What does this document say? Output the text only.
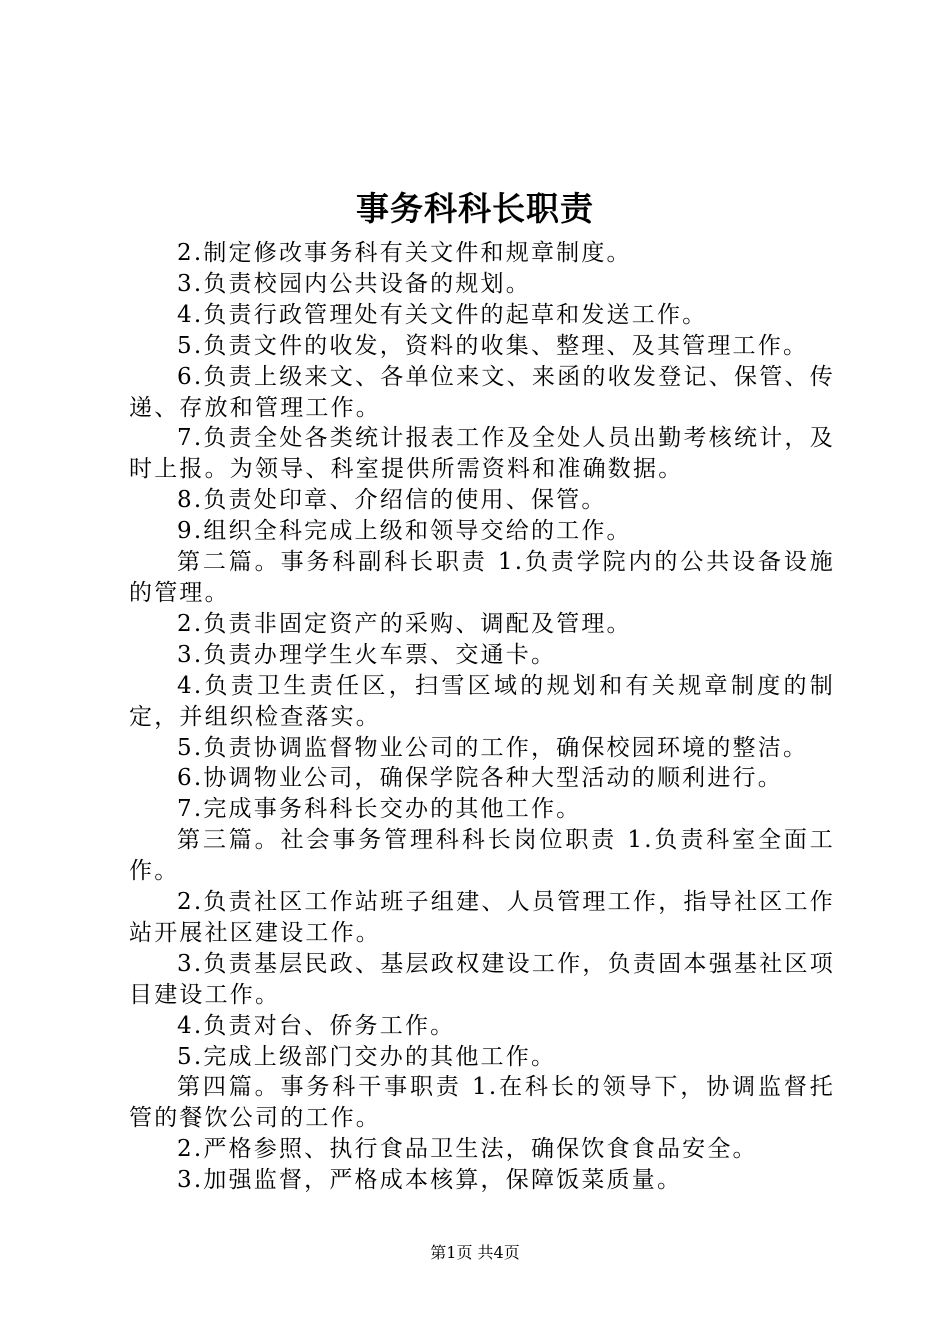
事务科科长职责

2.制定修改事务科有关文件和规章制度。

3.负责校园内公共设备的规划。

4.负责行政管理处有关文件的起草和发送工作。

5.负责文件的收发，资料的收集、整理、及其管理工作。

6.负责上级来文、各单位来文、来函的收发登记、保管、传递、存放和管理工作。

7.负责全处各类统计报表工作及全处人员出勤考核统计，及时上报。为领导、科室提供所需资料和准确数据。

8.负责处印章、介绍信的使用、保管。

9.组织全科完成上级和领导交给的工作。

第二篇。事务科副科长职责 1.负责学院内的公共设备设施的管理。

2.负责非固定资产的采购、调配及管理。

3.负责办理学生火车票、交通卡。

4.负责卫生责任区，扫雪区域的规划和有关规章制度的制定，并组织检查落实。

5.负责协调监督物业公司的工作，确保校园环境的整洁。

6.协调物业公司，确保学院各种大型活动的顺利进行。

7.完成事务科科长交办的其他工作。

第三篇。社会事务管理科科长岗位职责 1.负责科室全面工作。

2.负责社区工作站班子组建、人员管理工作，指导社区工作站开展社区建设工作。

3.负责基层民政、基层政权建设工作，负责固本强基社区项目建设工作。

4.负责对台、侨务工作。

5.完成上级部门交办的其他工作。

第四篇。事务科干事职责 1.在科长的领导下，协调监督托管的餐饮公司的工作。

2.严格参照、执行食品卫生法，确保饮食食品安全。

3.加强监督，严格成本核算，保障饭菜质量。

第1页 共4页
